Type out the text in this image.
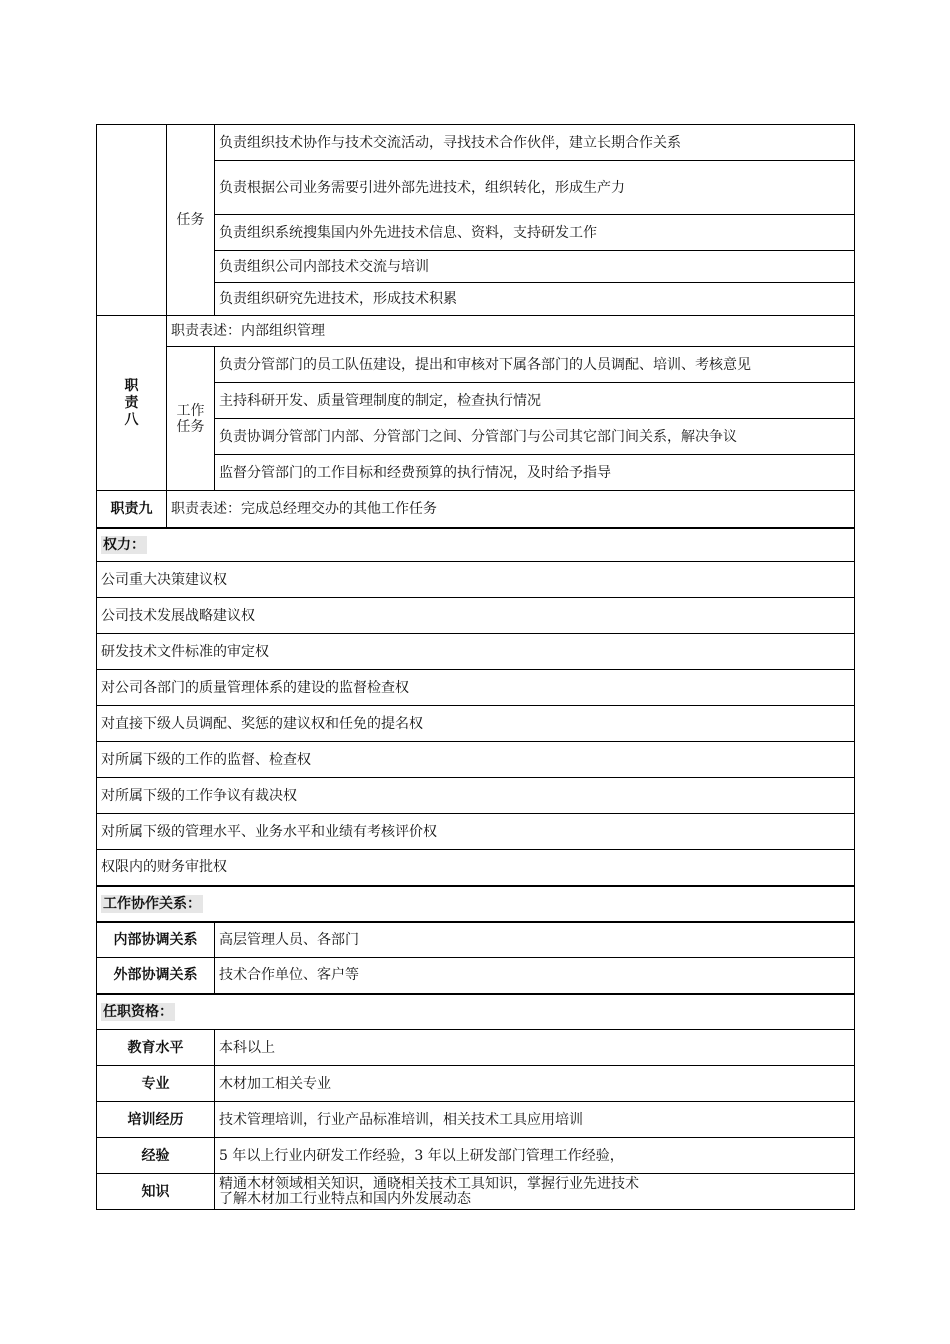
	任务	负责组织技术协作与技术交流活动，寻找技术合作伙伴，建立长期合作关系
		负责根据公司业务需要引进外部先进技术，组织转化，形成生产力
		负责组织系统搜集国内外先进技术信息、资料，支持研发工作
		负责组织公司内部技术交流与培训
		负责组织研究先进技术，形成技术积累

职责八	职责表述：内部组织管理	

	工作任务	负责分管部门的员工队伍建设，提出和审核对下属各部门的人员调配、培训、考核意见
		主持科研开发、质量管理制度的制定，检查执行情况
		负责协调分管部门内部、分管部门之间、分管部门与公司其它部门间关系，解决争议
		监督分管部门的工作目标和经费预算的执行情况，及时给予指导
职责九	职责表述：完成总经理交办的其他工作任务	
权力：		
公司重大决策建议权		
公司技术发展战略建议权		
研发技术文件标准的审定权		
对公司各部门的质量管理体系的建设的监督检查权		
对直接下级人员调配、奖惩的建议权和任免的提名权		
对所属下级的工作的监督、检查权		
对所属下级的工作争议有裁决权		
对所属下级的管理水平、业务水平和业绩有考核评价权		
权限内的财务审批权		
工作协作关系：		
内部协调关系		高层管理人员、各部门
外部协调关系		技术合作单位、客户等
任职资格：		
教育水平		本科以上
专业		木材加工相关专业
培训经历		技术管理培训，行业产品标准培训，相关技术工具应用培训
经验		5 年以上行业内研发工作经验，3 年以上研发部门管理工作经验，
知识		精通木材领域相关知识，通晓相关技术工具知识，掌握行业先进技术
了解木材加工行业特点和国内外发展动态
